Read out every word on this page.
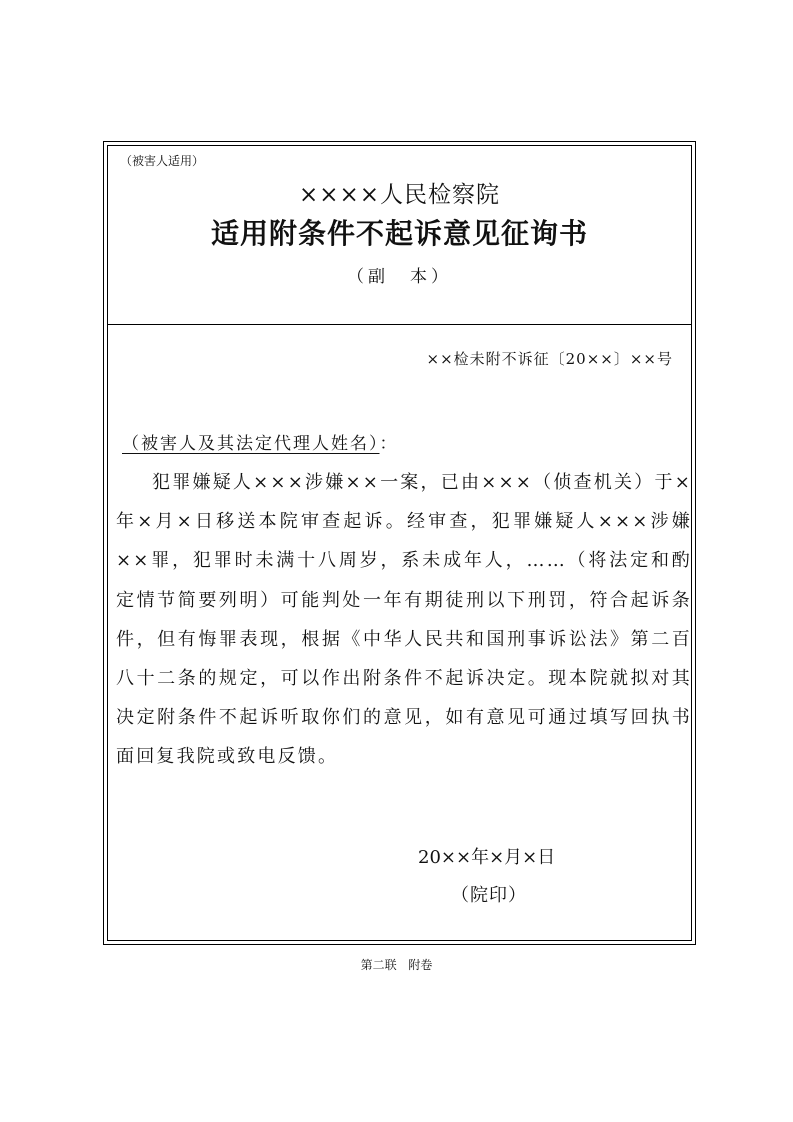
（被害人适用）
××××人民检察院
适用附条件不起诉意见征询书
（副　本）
××检未附不诉征〔20××〕××号
（被害人及其法定代理人姓名）：

犯罪嫌疑人×××涉嫌××一案，已由×××（侦查机关）于×年×月×日移送本院审查起诉。经审查，犯罪嫌疑人×××涉嫌××罪，犯罪时未满十八周岁，系未成年人，……（将法定和酌定情节简要列明）可能判处一年有期徒刑以下刑罚，符合起诉条件，但有悔罪表现，根据《中华人民共和国刑事诉讼法》第二百八十二条的规定，可以作出附条件不起诉决定。现本院就拟对其决定附条件不起诉听取你们的意见，如有意见可通过填写回执书面回复我院或致电反馈。

20××年×月×日
（院印）
第二联 附卷
